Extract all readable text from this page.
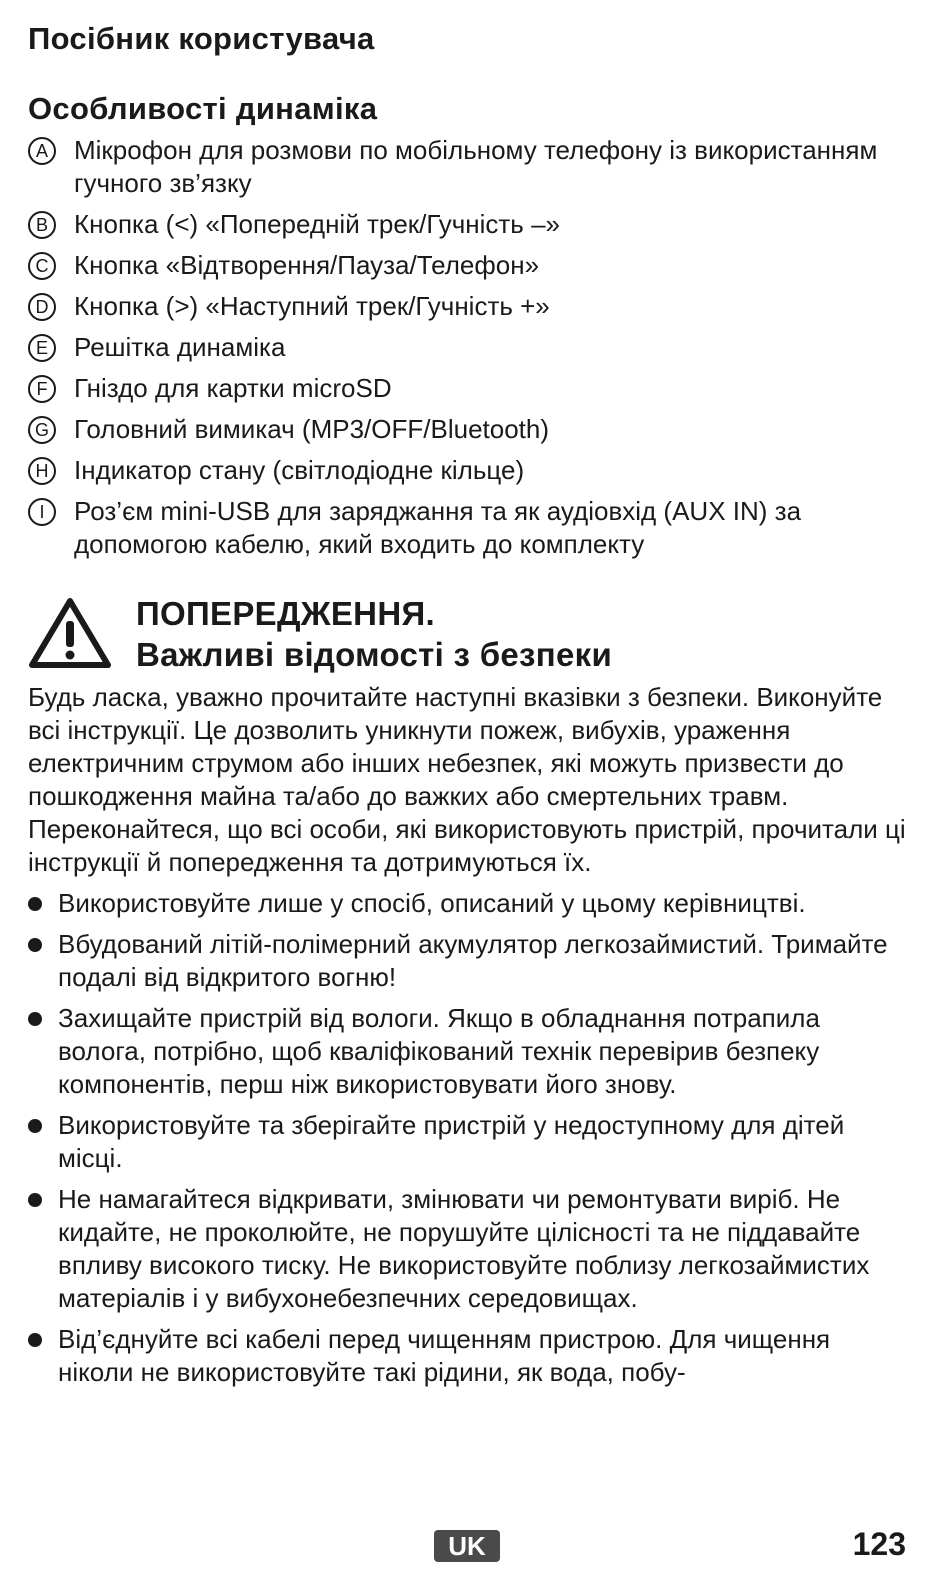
Посібник користувача
Особливості динаміка
A	Мікрофон для розмови по мобільному телефону із використанням гучного зв’язку
B	Кнопка (<) «Попередній трек/Гучність –»
C Кнопка «Відтворення/Пауза/Телефон»
D Кнопка (>) «Наступний трек/Гучність +»
E	Решітка динаміка
F	Гніздо для картки microSD
G Головний вимикач (MP3/OFF/Bluetooth)
H Індикатор стану (світлодіодне кільце)
I	Роз’єм mini-USB для заряджання та як аудіовхід (AUX IN) за допомогою кабелю, який входить до комплекту
ПОПЕРЕДЖЕННЯ.
Важливі відомості з безпеки

Будь ласка, уважно прочитайте наступні вказівки з безпеки. Виконуйте всі інструкції. Це дозволить уникнути пожеж, вибухів, ураження електричним струмом або інших небезпек, які можуть призвести до пошкодження майна та/або до важких або смертельних травм. Переконайтеся, що всі особи, які використовують пристрій, прочитали ці інструкції й попередження та дотримуються їх.

Використовуйте лише у спосіб, описаний у цьому керівництві.
Вбудований літій-полімерний акумулятор легкозаймистий. Тримайте подалі від відкритого вогню!
Захищайте пристрій від вологи. Якщо в обладнання потрапила волога, потрібно, щоб кваліфікований технік перевірив безпеку компонентів, перш ніж використовувати його знову.
Використовуйте та зберігайте пристрій у недоступному для дітей місці.
Не намагайтеся відкривати, змінювати чи ремонтувати виріб. Не кидайте, не проколюйте, не порушуйте цілісності та не піддавайте впливу високого тиску. Не використовуйте поблизу легкозаймистих матеріалів і у вибухонебезпечних середовищах.
Від’єднуйте всі кабелі перед чищенням пристрою. Для чищення ніколи не використовуйте такі рідини, як вода, побу-
UK	123
